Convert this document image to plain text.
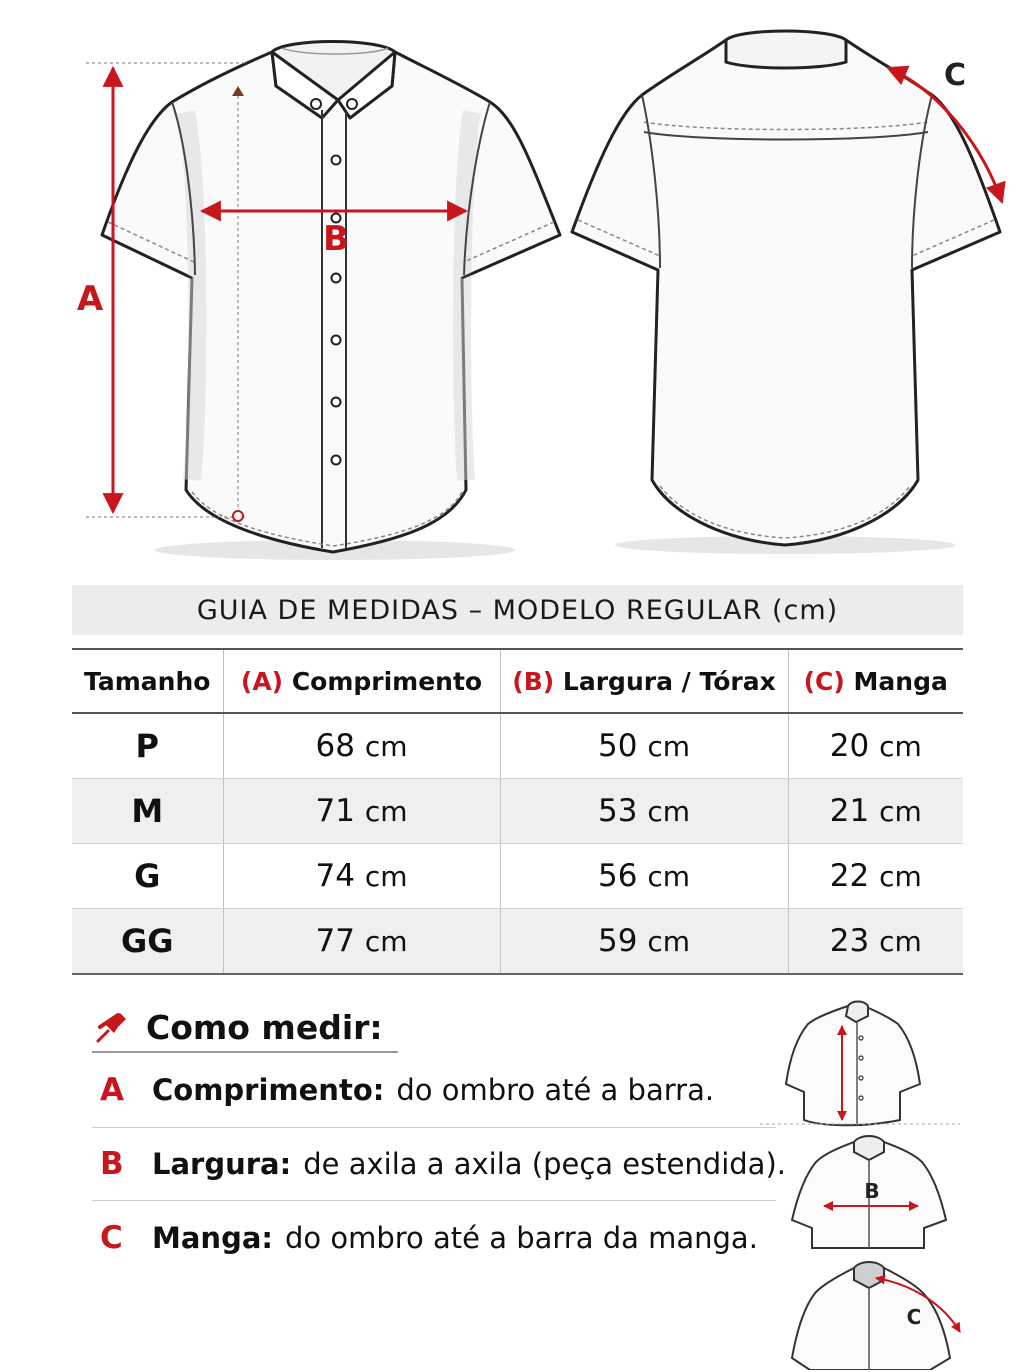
A
B
C
GUIA DE MEDIDAS – MODELO REGULAR (cm)
Tamanho	(A) Comprimento	(B) Largura / Tórax	(C) Manga
P	68 cm	50 cm	20 cm
M	71 cm	53 cm	21 cm
G	74 cm	56 cm	22 cm
GG	77 cm	59 cm	23 cm
Como medir:
A Comprimento: do ombro até a barra.
B Largura: de axila a axila (peça estendida).
C	Manga: do ombro até a barra da manga.
B
C
